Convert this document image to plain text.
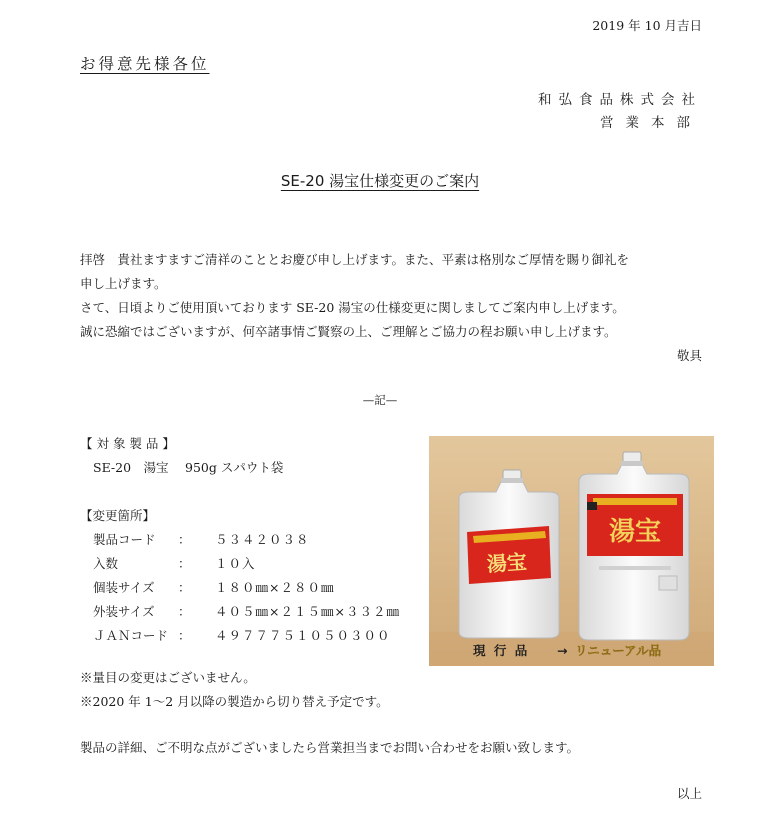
2019 年 10 月吉日
お得意先様各位
和弘食品株式会社
営業本部
SE-20 湯宝仕様変更のご案内
拝啓　貴社ますますご清祥のこととお慶び申し上げます。また、平素は格別なご厚情を賜り御礼を
申し上げます。
さて、日頃よりご使用頂いております SE-20 湯宝の仕様変更に関しましてご案内申し上げます。
誠に恐縮ではございますが、何卒諸事情ご賢察の上、ご理解とご協力の程お願い申し上げます。
敬具
—記—
【 対 象 製 品 】
SE-20　湯宝　 950g スパウト袋
【変更箇所】
製品コード ： ５３４２０３８
入数	： １０入
個装サイズ ： １８０㎜×２８０㎜
外装サイズ ： ４０５㎜×２１５㎜×３３２㎜
ＪＡＮコード ： ４９７７７５１０５０３００
※量目の変更はございません。
※2020 年 1～2 月以降の製造から切り替え予定です。
製品の詳細、ご不明な点がございましたら営業担当までお問い合わせをお願い致します。
以上
湯宝
湯宝
現 行 品 → リニューアル品
